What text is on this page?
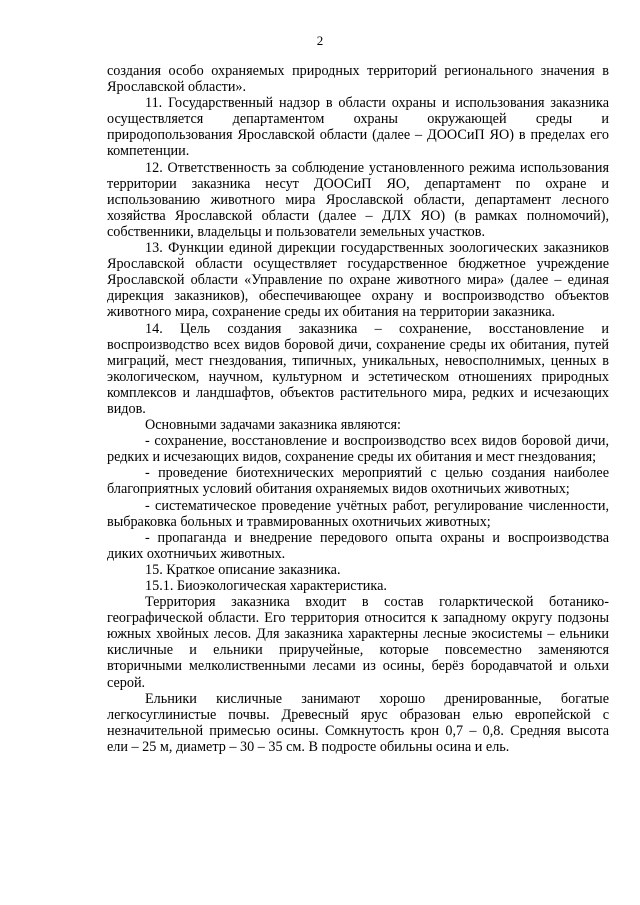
2

создания особо охраняемых природных территорий регионального значения в Ярославской области».

11. Государственный надзор в области охраны и использования заказника осуществляется департаментом охраны окружающей среды и природопользования Ярославской области (далее – ДООСиП ЯО) в пределах его компетенции.

12. Ответственность за соблюдение установленного режима использования территории заказника несут ДООСиП ЯО, департамент по охране и использованию животного мира Ярославской области, департамент лесного хозяйства Ярославской области (далее – ДЛХ ЯО) (в рамках полномочий), собственники, владельцы и пользователи земельных участков.

13. Функции единой дирекции государственных зоологических заказников Ярославской области осуществляет государственное бюджетное учреждение Ярославской области «Управление по охране животного мира» (далее – единая дирекция заказников), обеспечивающее охрану и воспроизводство объектов животного мира, сохранение среды их обитания на территории заказника.

14. Цель создания заказника – сохранение, восстановление и воспроизводство всех видов боровой дичи, сохранение среды их обитания, путей миграций, мест гнездования, типичных, уникальных, невосполнимых, ценных в экологическом, научном, культурном и эстетическом отношениях природных комплексов и ландшафтов, объектов растительного мира, редких и исчезающих видов.

Основными задачами заказника являются:

- сохранение, восстановление и воспроизводство всех видов боровой дичи, редких и исчезающих видов, сохранение среды их обитания и мест гнездования;

- проведение биотехнических мероприятий с целью создания наиболее благоприятных условий обитания охраняемых видов охотничьих животных;

- систематическое проведение учётных работ, регулирование численности, выбраковка больных и травмированных охотничьих животных;

- пропаганда и внедрение передового опыта охраны и воспроизводства диких охотничьих животных.

15. Краткое описание заказника.

15.1. Биоэкологическая характеристика.

Территория заказника входит в состав голарктической ботанико-географической области. Его территория относится к западному округу подзоны южных хвойных лесов. Для заказника характерны лесные экосистемы – ельники кисличные и ельники приручейные, которые повсеместно заменяются вторичными мелколиственными лесами из осины, берёз бородавчатой и ольхи серой.

Ельники кисличные занимают хорошо дренированные, богатые легкосуглинистые почвы. Древесный ярус образован елью европейской с незначительной примесью осины. Сомкнутость крон 0,7 – 0,8. Средняя высота ели – 25 м, диаметр – 30 – 35 см. В подросте обильны осина и ель.
